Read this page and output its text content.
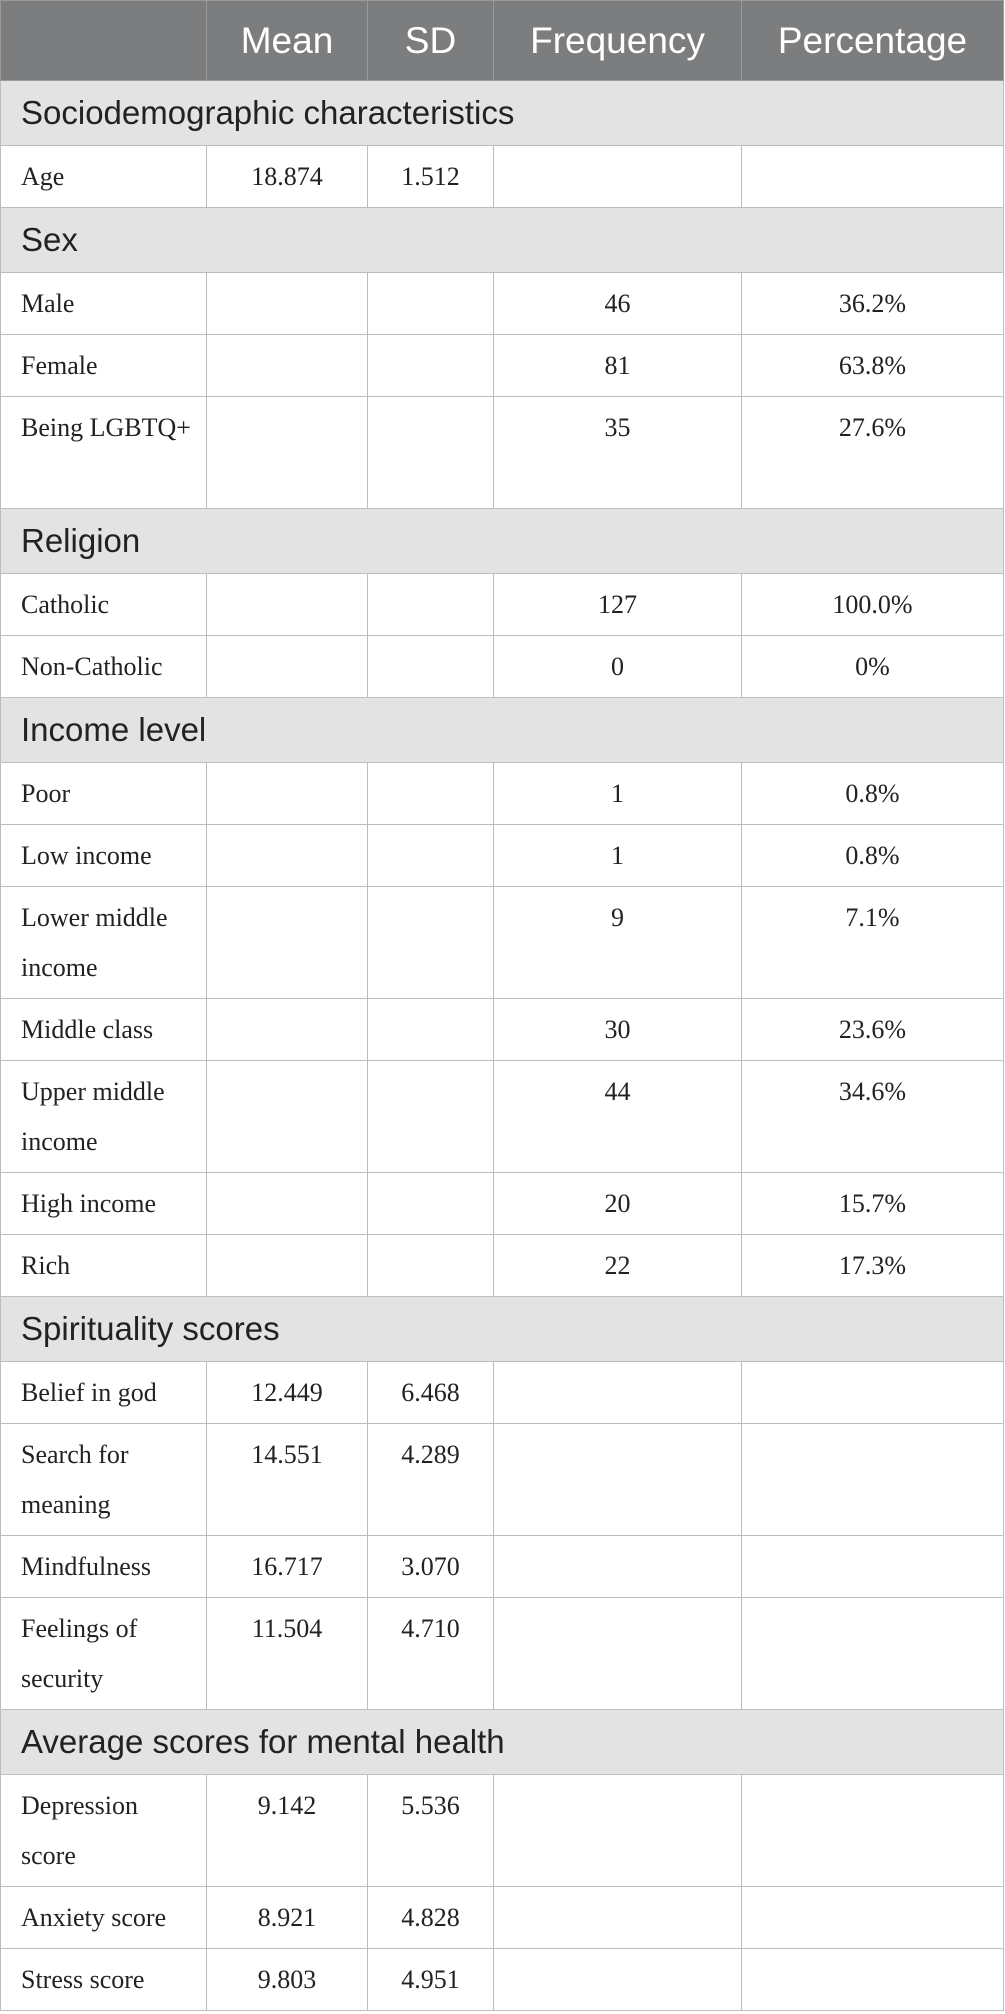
	Mean	SD	Frequency	Percentage
Sociodemographic characteristics				
Age	18.874	1.512		
Sex				
Male			46	36.2%
Female			81	63.8%
Being LGBTQ+			35	27.6%
Religion				
Catholic			127	100.0%
Non-Catholic			0	0%
Income level				
Poor			1	0.8%
Low income			1	0.8%
Lower middle income			9	7.1%
Middle class			30	23.6%
Upper middle income			44	34.6%
High income			20	15.7%
Rich			22	17.3%
Spirituality scores				
Belief in god	12.449	6.468		
Search for meaning	14.551	4.289		
Mindfulness	16.717	3.070		
Feelings of security	11.504	4.710		
Average scores for mental health				
Depression score	9.142	5.536		
Anxiety score	8.921	4.828		
Stress score	9.803	4.951		
